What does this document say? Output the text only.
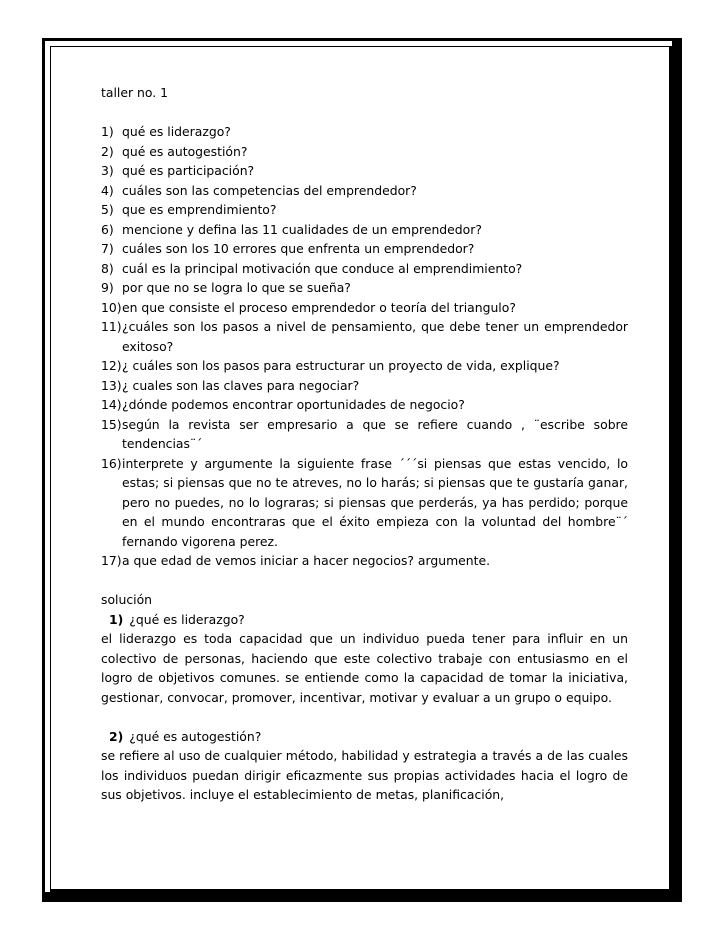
taller no. 1

1) qué es liderazgo?
2) qué es autogestión?
3) qué es participación?
4) cuáles son las competencias del emprendedor?
5) que es emprendimiento?
6) mencione y defina las 11 cualidades de un emprendedor?
7) cuáles son los 10 errores que enfrenta un emprendedor?
8) cuál es la principal motivación que conduce al emprendimiento?
9) por que no se logra lo que se sueña?
10) en que consiste el proceso emprendedor o teoría del triangulo?
11) ¿cuáles son los pasos a nivel de pensamiento, que debe tener un emprendedor exitoso?
12) ¿ cuáles son los pasos para estructurar un proyecto de vida, explique?
13) ¿ cuales son las claves para negociar?
14) ¿dónde podemos encontrar oportunidades de negocio?
15) según la revista ser empresario a que se refiere cuando , ¨escribe sobre tendencias¨´
16) interprete y argumente la siguiente frase ´´´si piensas que estas vencido, lo estas; si piensas que no te atreves, no lo harás; si piensas que te gustaría ganar, pero no puedes, no lo lograras; si piensas que perderás, ya has perdido; porque en el mundo encontraras que el éxito empieza con la voluntad del hombre¨´ fernando vigorena perez.
17) a que edad de vemos iniciar a hacer negocios? argumente.

solución

1) ¿qué es liderazgo?

el liderazgo es toda capacidad que un individuo pueda tener para influir en un colectivo de personas, haciendo que este colectivo trabaje con entusiasmo en el logro de objetivos comunes. se entiende como la capacidad de tomar la iniciativa, gestionar, convocar, promover, incentivar, motivar y evaluar a un grupo o equipo.

2) ¿qué es autogestión?

se refiere al uso de cualquier método, habilidad y estrategia a través a de las cuales los individuos puedan dirigir eficazmente sus propias actividades hacia el logro de sus objetivos. incluye el establecimiento de metas, planificación,
